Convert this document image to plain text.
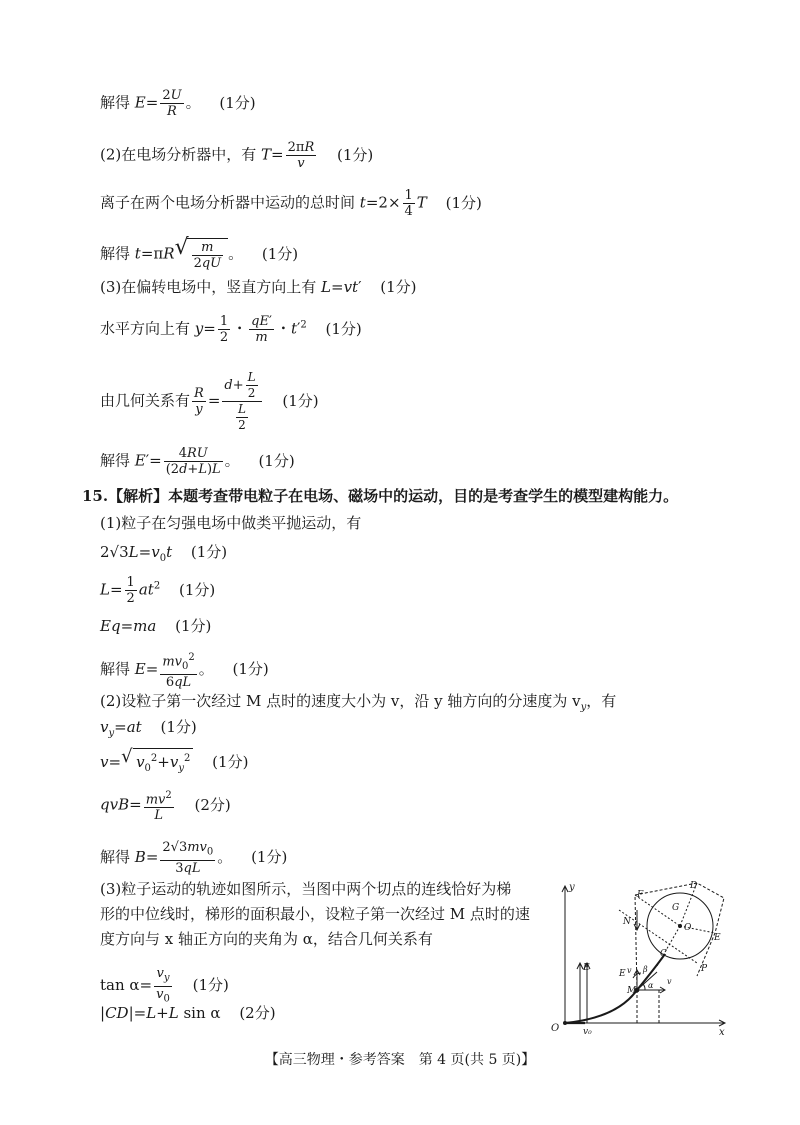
解得 $E= \frac{2U}{R}$ 。 (1分)
(2)在电场分析器中，有 $T= \frac{2\pi R}{v} (1$分)
离子在两个电场分析器中运动的总时间 $t=2\times \frac{1}{4}$ T (1分)
解得 t=πR √ $\frac{m}{2qU}$ 。 (1分)
(3)在偏转电场中，竖直方向上有 L=vt′ (1分)
水平方向上有 $y= \frac{1}{2}$ ・ $\frac{qE'}{m}$ ・$t'^2$ (1分)
由几何关系有 $\frac{R}{y} = \frac{d+ \frac{L}{2}}{\frac{L}{2}} (1$分)
解得 $E'= \frac{4RU}{(2d+L)L}$ 。 (1分)
15.【解析】本题考查带电粒子在电场、磁场中的运动，目的是考查学生的模型建构能力。
(1)粒子在匀强电场中做类平抛运动，有
$2√3L=v_0t$ (1分)
$L= \frac{1}{2} at^2$ (1分)
Eq=ma (1分)
解得 $E= \frac{mv_0^2}{6qL}$ 。 (1分)
(2)设粒子第一次经过 M 点时的速度大小为 v，沿 y 轴方向的分速度为 $v_y$，有
$v_y=at$ (1分)
v= √ $v_0^2+v_y^2$ (1分)
$qvB= \frac{mv^2}{L} (2$分)
解得 $B= \frac{2√3mv_0}{3qL}$ 。 (1分)
(3)粒子运动的轨迹如图所示，当图中两个切点的连线恰好为梯
形的中位线时，梯形的面积最小，设粒子第一次经过 M 点时的速
度方向与 x 轴正方向的夹角为 α，结合几何关系有
$\tan \alpha= \frac{v_y}{v_0} (1$分)
|CD|=L+L sin α (2分)
y
x
O	v₀
E
E
F
D
G
N
O
C
E
P
M
v
v
β
α
【高三物理・参考答案　第 4 页(共 5 页)】
